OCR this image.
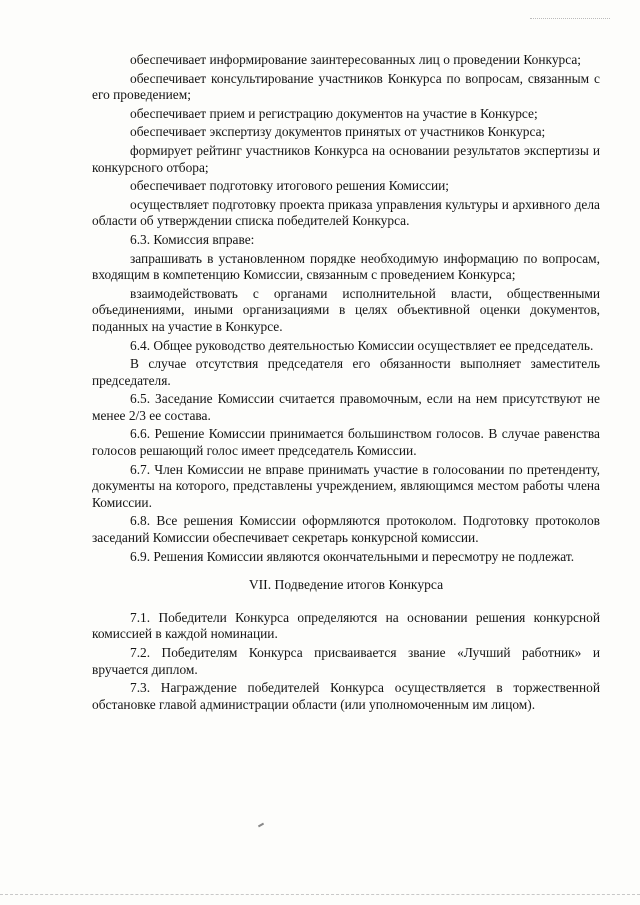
обеспечивает информирование заинтересованных лиц о проведении Конкурса;

обеспечивает консультирование участников Конкурса по вопросам, связанным с его проведением;

обеспечивает прием и регистрацию документов на участие в Конкурсе;

обеспечивает экспертизу документов принятых от участников Конкурса;

формирует рейтинг участников Конкурса на основании результатов экспертизы и конкурсного отбора;

обеспечивает подготовку итогового решения Комиссии;

осуществляет подготовку проекта приказа управления культуры и архивного дела области об утверждении списка победителей Конкурса.

6.3. Комиссия вправе:

запрашивать в установленном порядке необходимую информацию по вопросам, входящим в компетенцию Комиссии, связанным с проведением Конкурса;

взаимодействовать с органами исполнительной власти, общественными объединениями, иными организациями в целях объективной оценки документов, поданных на участие в Конкурсе.

6.4. Общее руководство деятельностью Комиссии осуществляет ее председатель.

В случае отсутствия председателя его обязанности выполняет заместитель председателя.

6.5. Заседание Комиссии считается правомочным, если на нем присутствуют не менее 2/3 ее состава.

6.6. Решение Комиссии принимается большинством голосов. В случае равенства голосов решающий голос имеет председатель Комиссии.

6.7. Член Комиссии не вправе принимать участие в голосовании по претенденту, документы на которого, представлены учреждением, являющимся местом работы члена Комиссии.

6.8. Все решения Комиссии оформляются протоколом. Подготовку протоколов заседаний Комиссии обеспечивает секретарь конкурсной комиссии.

6.9. Решения Комиссии являются окончательными и пересмотру не подлежат.

VII. Подведение итогов Конкурса

7.1. Победители Конкурса определяются на основании решения конкурсной комиссией в каждой номинации.

7.2. Победителям Конкурса присваивается звание «Лучший работник» и вручается диплом.

7.3. Награждение победителей Конкурса осуществляется в торжественной обстановке главой администрации области (или уполномоченным им лицом).
